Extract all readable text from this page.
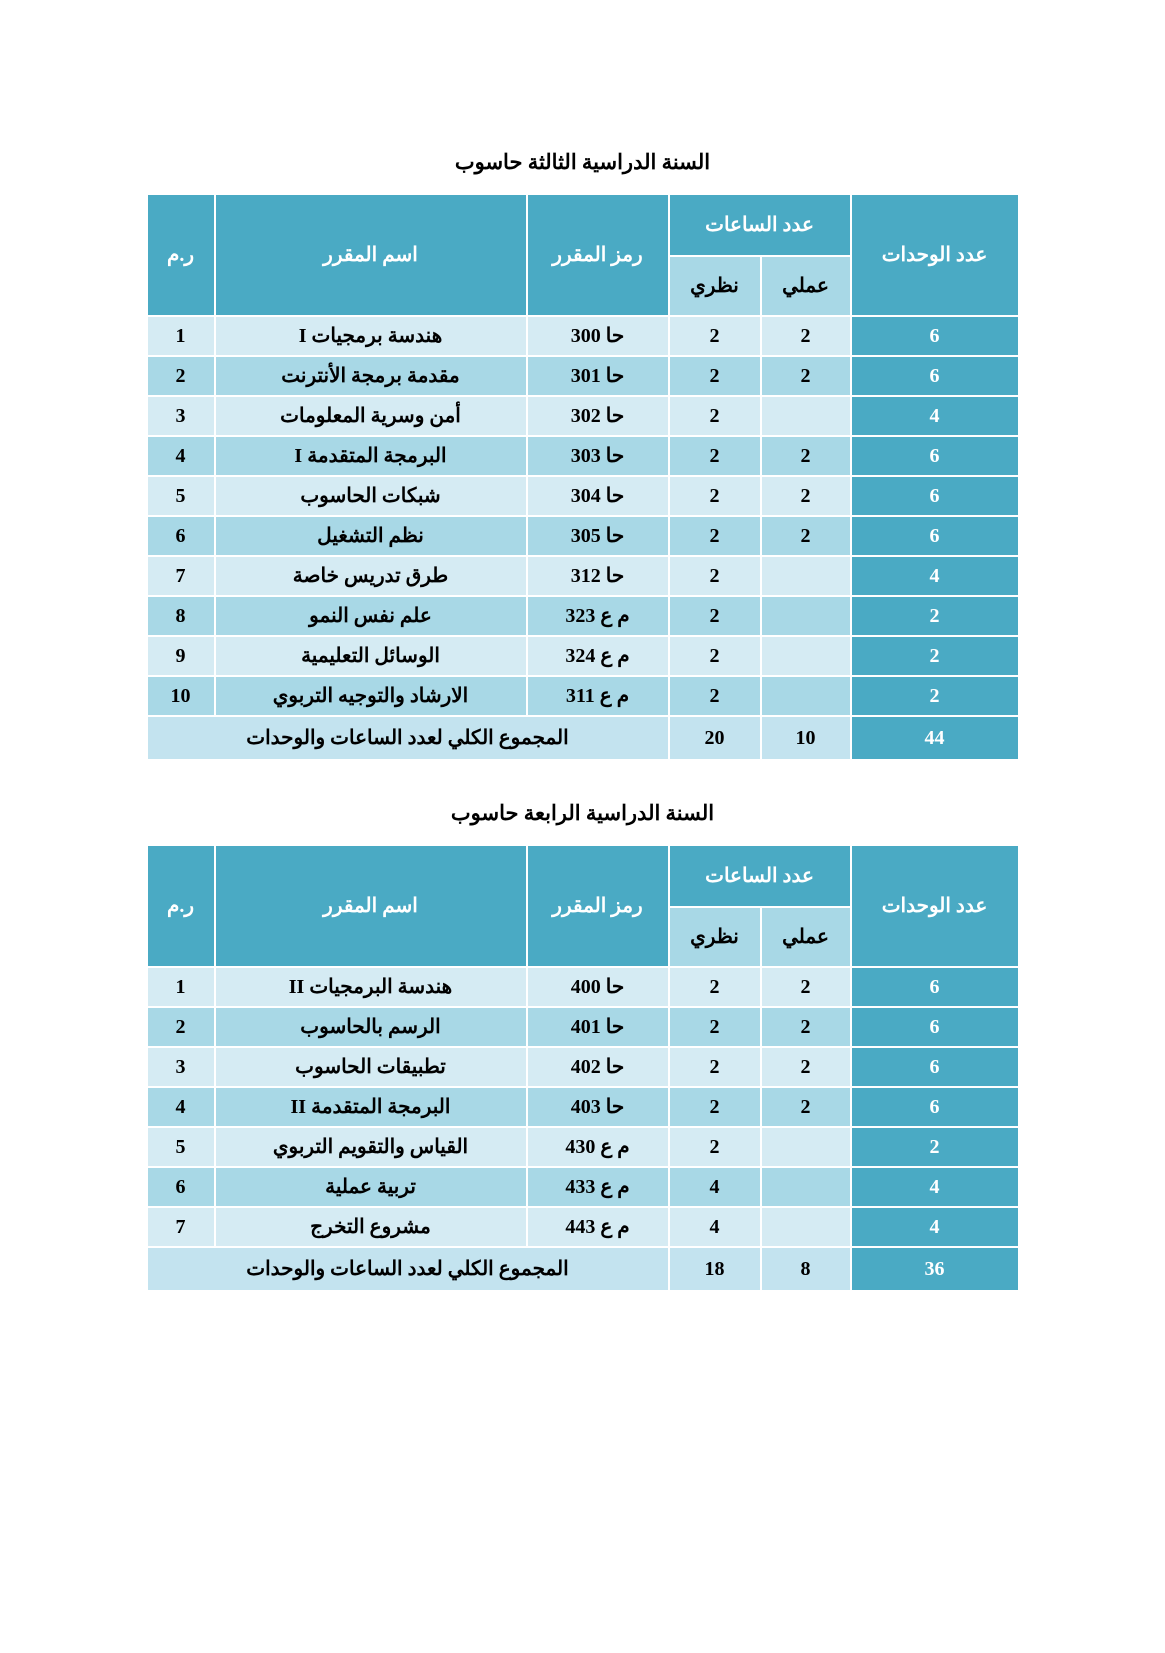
السنة الدراسية الثالثة حاسوب
عدد الوحدات	عدد الساعات		رمز المقرر	اسم المقرر	ر.م
	عملي	نظري			
6	2	2	حا 300	هندسة برمجيات I	1
6	2	2	حا 301	مقدمة برمجة الأنترنت	2
4		2	حا 302	أمن وسرية المعلومات	3
6	2	2	حا 303	البرمجة المتقدمة I	4
6	2	2	حا 304	شبكات الحاسوب	5
6	2	2	حا 305	نظم التشغيل	6
4		2	حا 312	طرق تدريس خاصة	7
2		2	م ع 323	علم نفس النمو	8
2		2	م ع 324	الوسائل التعليمية	9
2		2	م ع 311	الارشاد والتوجيه التربوي	10
44	10	20	المجموع الكلي لعدد الساعات والوحدات		
السنة الدراسية الرابعة حاسوب
عدد الوحدات	عدد الساعات		رمز المقرر	اسم المقرر	ر.م
	عملي	نظري			
6	2	2	حا 400	هندسة البرمجيات II	1
6	2	2	حا 401	الرسم بالحاسوب	2
6	2	2	حا 402	تطبيقات الحاسوب	3
6	2	2	حا 403	البرمجة المتقدمة II	4
2		2	م ع 430	القياس والتقويم التربوي	5
4		4	م ع 433	تربية عملية	6
4		4	م ع 443	مشروع التخرج	7
36	8	18	المجموع الكلي لعدد الساعات والوحدات		
